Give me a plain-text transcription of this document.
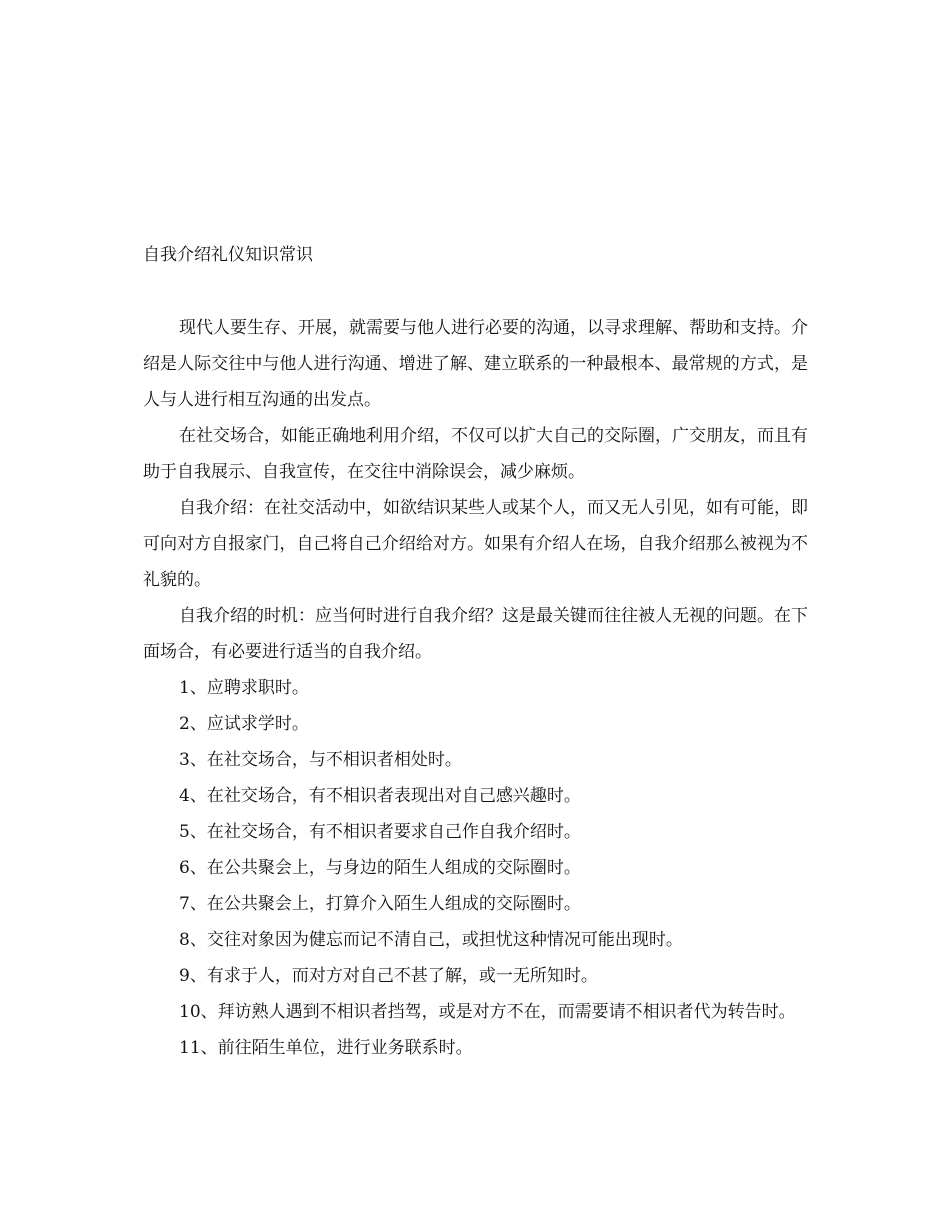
自我介绍礼仪知识常识

现代人要生存、开展，就需要与他人进行必要的沟通，以寻求理解、帮助和支持。介绍是人际交往中与他人进行沟通、增进了解、建立联系的一种最根本、最常规的方式，是人与人进行相互沟通的出发点。

在社交场合，如能正确地利用介绍，不仅可以扩大自己的交际圈，广交朋友，而且有助于自我展示、自我宣传，在交往中消除误会，减少麻烦。

自我介绍：在社交活动中，如欲结识某些人或某个人，而又无人引见，如有可能，即可向对方自报家门，自己将自己介绍给对方。如果有介绍人在场，自我介绍那么被视为不礼貌的。

自我介绍的时机：应当何时进行自我介绍？这是最关键而往往被人无视的问题。在下面场合，有必要进行适当的自我介绍。

1、应聘求职时。

2、应试求学时。

3、在社交场合，与不相识者相处时。

4、在社交场合，有不相识者表现出对自己感兴趣时。

5、在社交场合，有不相识者要求自己作自我介绍时。

6、在公共聚会上，与身边的陌生人组成的交际圈时。

7、在公共聚会上，打算介入陌生人组成的交际圈时。

8、交往对象因为健忘而记不清自己，或担忧这种情况可能出现时。

9、有求于人，而对方对自己不甚了解，或一无所知时。

10、拜访熟人遇到不相识者挡驾，或是对方不在，而需要请不相识者代为转告时。

11、前往陌生单位，进行业务联系时。
